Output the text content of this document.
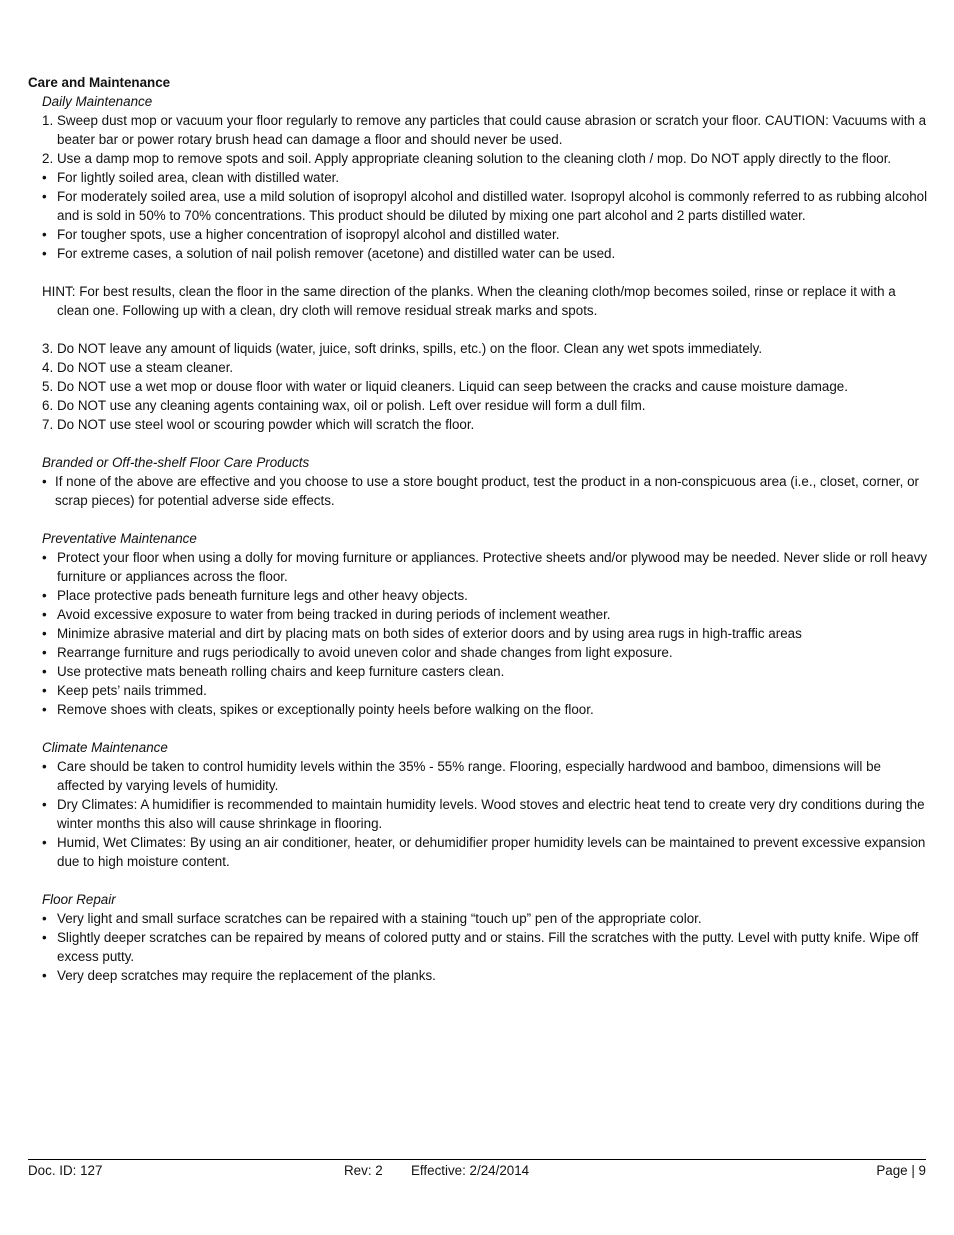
Care and Maintenance
Daily Maintenance
1. Sweep dust mop or vacuum your floor regularly to remove any particles that could cause abrasion or scratch your floor. CAUTION: Vacuums with a beater bar or power rotary brush head can damage a floor and should never be used.
2. Use a damp mop to remove spots and soil. Apply appropriate cleaning solution to the cleaning cloth / mop. Do NOT apply directly to the floor.
• For lightly soiled area, clean with distilled water.
• For moderately soiled area, use a mild solution of isopropyl alcohol and distilled water. Isopropyl alcohol is commonly referred to as rubbing alcohol and is sold in 50% to 70% concentrations. This product should be diluted by mixing one part alcohol and 2 parts distilled water.
• For tougher spots, use a higher concentration of isopropyl alcohol and distilled water.
• For extreme cases, a solution of nail polish remover (acetone) and distilled water can be used.
HINT: For best results, clean the floor in the same direction of the planks. When the cleaning cloth/mop becomes soiled, rinse or replace it with a clean one. Following up with a clean, dry cloth will remove residual streak marks and spots.
3. Do NOT leave any amount of liquids (water, juice, soft drinks, spills, etc.) on the floor. Clean any wet spots immediately.
4. Do NOT use a steam cleaner.
5. Do NOT use a wet mop or douse floor with water or liquid cleaners. Liquid can seep between the cracks and cause moisture damage.
6. Do NOT use any cleaning agents containing wax, oil or polish. Left over residue will form a dull film.
7. Do NOT use steel wool or scouring powder which will scratch the floor.
Branded or Off-the-shelf Floor Care Products
• If none of the above are effective and you choose to use a store bought product, test the product in a non-conspicuous area (i.e., closet, corner, or scrap pieces) for potential adverse side effects.
Preventative Maintenance
• Protect your floor when using a dolly for moving furniture or appliances. Protective sheets and/or plywood may be needed. Never slide or roll heavy furniture or appliances across the floor.
• Place protective pads beneath furniture legs and other heavy objects.
• Avoid excessive exposure to water from being tracked in during periods of inclement weather.
• Minimize abrasive material and dirt by placing mats on both sides of exterior doors and by using area rugs in high-traffic areas
• Rearrange furniture and rugs periodically to avoid uneven color and shade changes from light exposure.
• Use protective mats beneath rolling chairs and keep furniture casters clean.
• Keep pets’ nails trimmed.
• Remove shoes with cleats, spikes or exceptionally pointy heels before walking on the floor.
Climate Maintenance
• Care should be taken to control humidity levels within the 35% - 55% range. Flooring, especially hardwood and bamboo, dimensions will be affected by varying levels of humidity.
• Dry Climates: A humidifier is recommended to maintain humidity levels. Wood stoves and electric heat tend to create very dry conditions during the winter months this also will cause shrinkage in flooring.
• Humid, Wet Climates: By using an air conditioner, heater, or dehumidifier proper humidity levels can be maintained to prevent excessive expansion due to high moisture content.
Floor Repair
• Very light and small surface scratches can be repaired with a staining “touch up” pen of the appropriate color.
• Slightly deeper scratches can be repaired by means of colored putty and or stains. Fill the scratches with the putty. Level with putty knife. Wipe off excess putty.
• Very deep scratches may require the replacement of the planks.
Doc. ID: 127	Rev: 2 Effective: 2/24/2014	Page | 9
